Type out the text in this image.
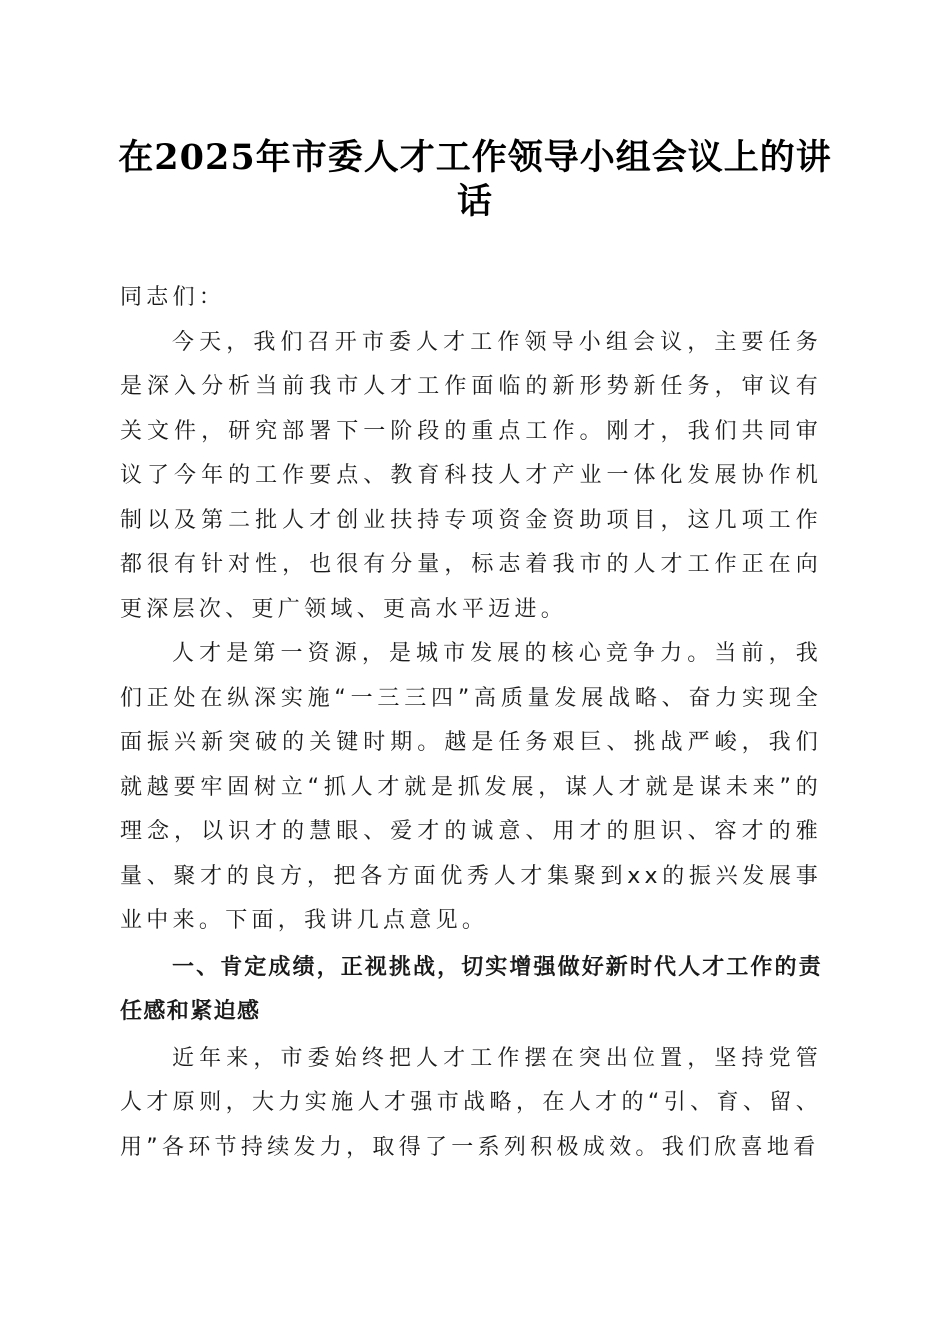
在2025年市委人才工作领导小组会议上的讲话

同志们：

今天，我们召开市委人才工作领导小组会议，主要任务是深入分析当前我市人才工作面临的新形势新任务，审议有关文件，研究部署下一阶段的重点工作。刚才，我们共同审议了今年的工作要点、教育科技人才产业一体化发展协作机制以及第二批人才创业扶持专项资金资助项目，这几项工作都很有针对性，也很有分量，标志着我市的人才工作正在向更深层次、更广领域、更高水平迈进。

人才是第一资源，是城市发展的核心竞争力。当前，我们正处在纵深实施“一三三四”高质量发展战略、奋力实现全面振兴新突破的关键时期。越是任务艰巨、挑战严峻，我们就越要牢固树立“抓人才就是抓发展，谋人才就是谋未来”的理念，以识才的慧眼、爱才的诚意、用才的胆识、容才的雅量、聚才的良方，把各方面优秀人才集聚到xx的振兴发展事业中来。下面，我讲几点意见。

一、肯定成绩，正视挑战，切实增强做好新时代人才工作的责任感和紧迫感

近年来，市委始终把人才工作摆在突出位置，坚持党管人才原则，大力实施人才强市战略，在人才的“引、育、留、用”各环节持续发力，取得了一系列积极成效。我们欣喜地看
